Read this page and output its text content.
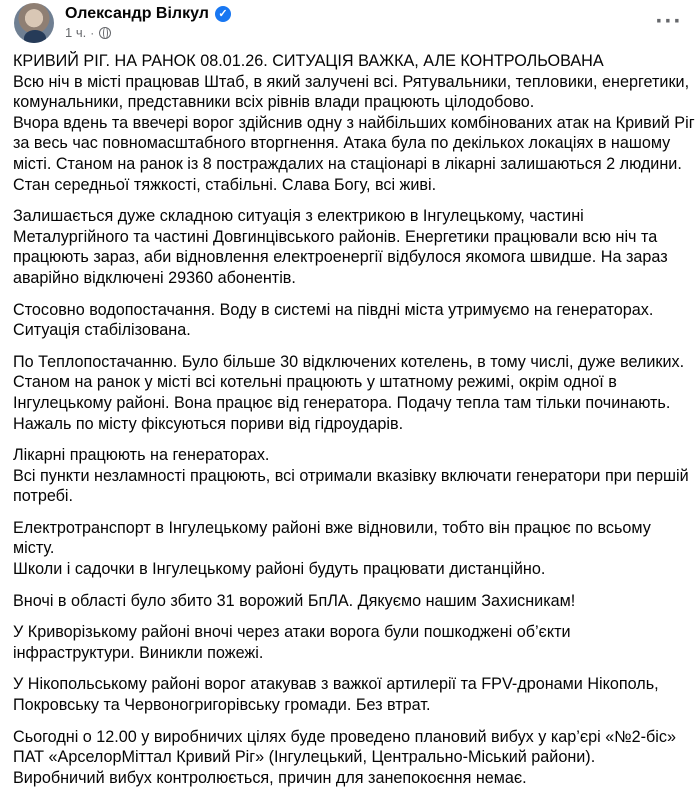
Олександр Вілкул ✓
1 ч. ·	···
КРИВИЙ РІГ. НА РАНОК 08.01.26. СИТУАЦІЯ ВАЖКА, АЛЕ КОНТРОЛЬОВАНА
Всю ніч в місті працював Штаб, в який залучені всі. Рятувальники, тепловики, енергетики,
комунальники, представники всіх рівнів влади працюють цілодобово.
Вчора вдень та ввечері ворог здійснив одну з найбільших комбінованих атак на Кривий Ріг
за весь час повномасштабного вторгнення. Атака була по декількох локаціях в нашому
місті. Станом на ранок із 8 постраждалих на стаціонарі в лікарні залишаються 2 людини.
Стан середньої тяжкості, стабільні. Слава Богу, всі живі.
Залишається дуже складною ситуація з електрикою в Інгулецькому, частині
Металургійного та частині Довгинцівського районів. Енергетики працювали всю ніч та
працюють зараз, аби відновлення електроенергії відбулося якомога швидше. На зараз
аварійно відключені 29360 абонентів.
Стосовно водопостачання. Воду в системі на півдні міста утримуємо на генераторах.
Ситуація стабілізована.
По Теплопостачанню. Було більше 30 відключених котелень, в тому числі, дуже великих.
Станом на ранок у місті всі котельні працюють у штатному режимі, окрім одної в
Інгулецькому районі. Вона працює від генератора. Подачу тепла там тільки починають.
Нажаль по місту фіксуються пориви від гідроударів.
Лікарні працюють на генераторах.
Всі пункти незламності працюють, всі отримали вказівку включати генератори при першій
потребі.
Електротранспорт в Інгулецькому районі вже відновили, тобто він працює по всьому
місту.
Школи і садочки в Інгулецькому районі будуть працювати дистанційно.
Вночі в області було збито 31 ворожий БпЛА. Дякуємо нашим Захисникам!
У Криворізькому районі вночі через атаки ворога були пошкоджені об’єкти
інфраструктури. Виникли пожежі.
У Нікопольському районі ворог атакував з важкої артилерії та FPV-дронами Нікополь,
Покровську та Червоногригорівську громади. Без втрат.
Сьогодні о 12.00 у виробничих цілях буде проведено плановий вибух у кар’єрі «№2-біс»
ПАТ «АрселорМіттал Кривий Ріг» (Інгулецький, Центрально-Міський райони).
Виробничий вибух контролюється, причин для занепокоєння немає.
